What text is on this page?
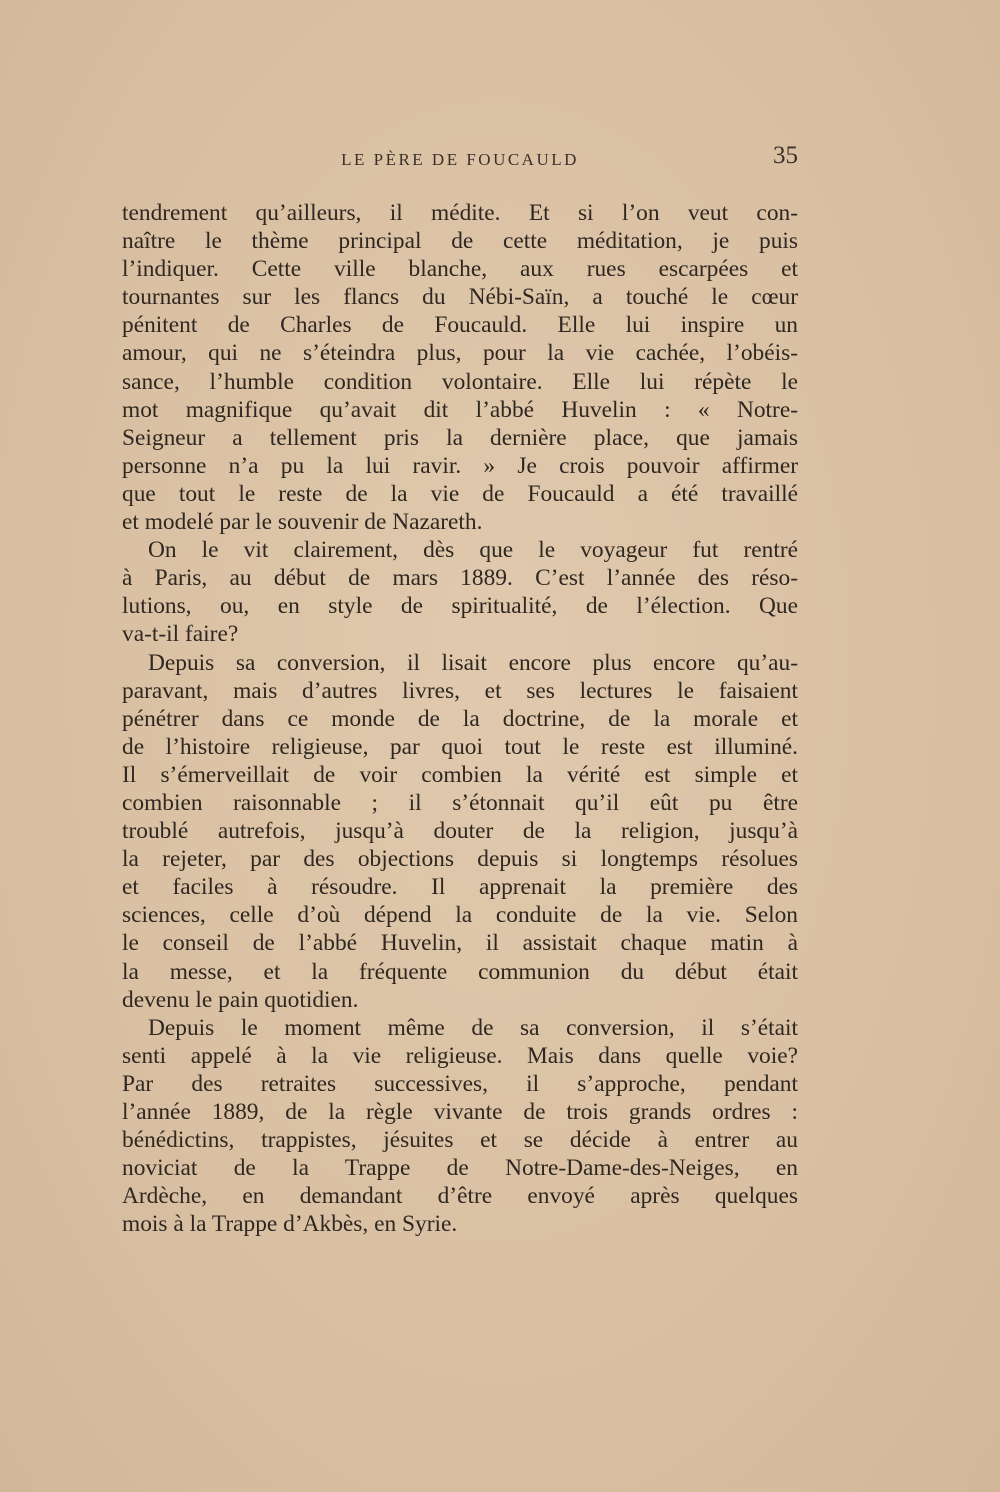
LE PÈRE DE FOUCAULD	35

tendrement qu’ailleurs, il médite. Et si l’on veut con-
naître le thème principal de cette méditation, je puis
l’indiquer. Cette ville blanche, aux rues escarpées et
tournantes sur les flancs du Nébi-Saïn, a touché le cœur
pénitent de Charles de Foucauld. Elle lui inspire un
amour, qui ne s’éteindra plus, pour la vie cachée, l’obéis-
sance, l’humble condition volontaire. Elle lui répète le
mot magnifique qu’avait dit l’abbé Huvelin : « Notre-
Seigneur a tellement pris la dernière place, que jamais
personne n’a pu la lui ravir. » Je crois pouvoir affirmer
que tout le reste de la vie de Foucauld a été travaillé
et modelé par le souvenir de Nazareth.

On le vit clairement, dès que le voyageur fut rentré
à Paris, au début de mars 1889. C’est l’année des réso-
lutions, ou, en style de spiritualité, de l’élection. Que
va-t-il faire?

Depuis sa conversion, il lisait encore plus encore qu’au-
paravant, mais d’autres livres, et ses lectures le faisaient
pénétrer dans ce monde de la doctrine, de la morale et
de l’histoire religieuse, par quoi tout le reste est illuminé.
Il s’émerveillait de voir combien la vérité est simple et
combien raisonnable ; il s’étonnait qu’il eût pu être
troublé autrefois, jusqu’à douter de la religion, jusqu’à
la rejeter, par des objections depuis si longtemps résolues
et faciles à résoudre. Il apprenait la première des
sciences, celle d’où dépend la conduite de la vie. Selon
le conseil de l’abbé Huvelin, il assistait chaque matin à
la messe, et la fréquente communion du début était
devenu le pain quotidien.

Depuis le moment même de sa conversion, il s’était
senti appelé à la vie religieuse. Mais dans quelle voie?
Par des retraites successives, il s’approche, pendant
l’année 1889, de la règle vivante de trois grands ordres :
bénédictins, trappistes, jésuites et se décide à entrer au
noviciat de la Trappe de Notre-Dame-des-Neiges, en
Ardèche, en demandant d’être envoyé après quelques
mois à la Trappe d’Akbès, en Syrie.
